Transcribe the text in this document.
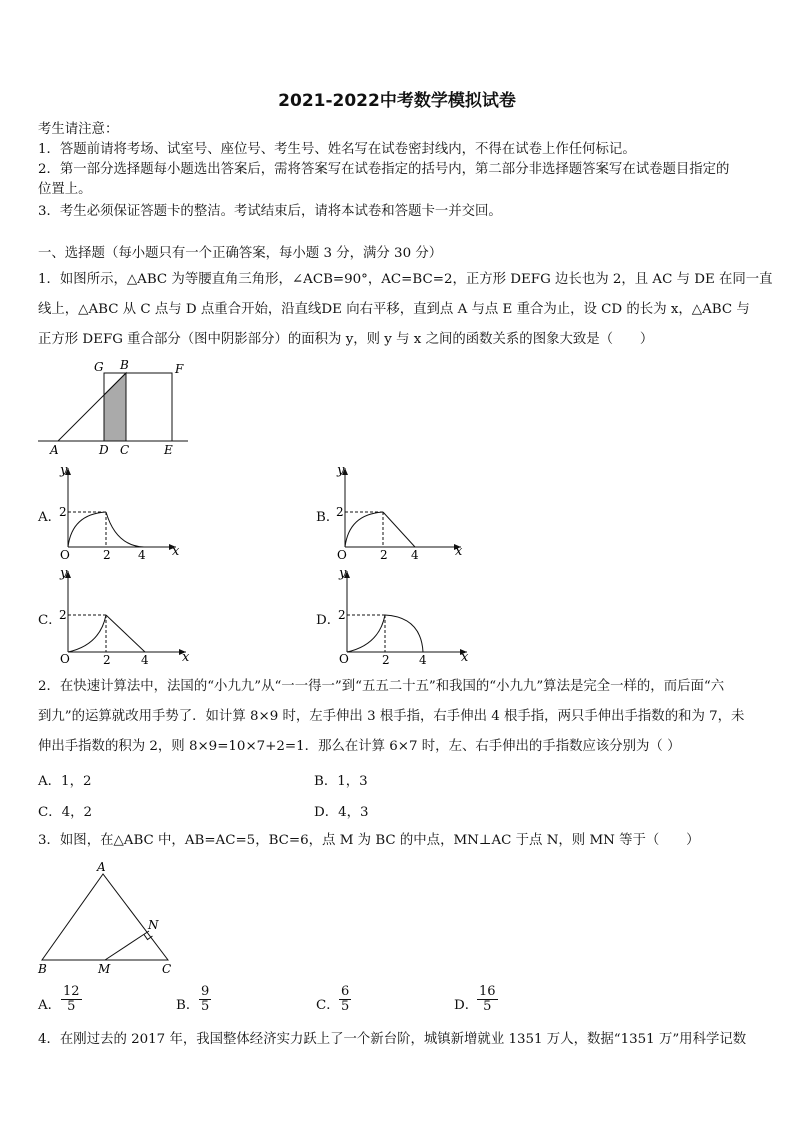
2021-2022中考数学模拟试卷
考生请注意：
1．答题前请将考场、试室号、座位号、考生号、姓名写在试卷密封线内，不得在试卷上作任何标记。
2．第一部分选择题每小题选出答案后，需将答案写在试卷指定的括号内，第二部分非选择题答案写在试卷题目指定的
位置上。
3．考生必须保证答题卡的整洁。考试结束后，请将本试卷和答题卡一并交回。
一、选择题（每小题只有一个正确答案，每小题 3 分，满分 30 分）
1．如图所示，△ABC 为等腰直角三角形，∠ACB=90°，AC=BC=2，正方形 DEFG 边长也为 2，且 AC 与 DE 在同一直
线上，△ABC 从 C 点与 D 点重合开始，沿直线DE 向右平移，直到点 A 与点 E 重合为止，设 CD 的长为 x，△ABC 与
正方形 DEFG 重合部分（图中阴影部分）的面积为 y，则 y 与 x 之间的函数关系的图象大致是（　　）
G B	F
A	D C	E
A．	B．
C．	D．
y
x
O
2
2 4
y
x
O
2
2 4
y
x
O
2
2	4
y
x
O
2
2 4
2．在快速计算法中，法国的“小九九”从“一一得一”到“五五二十五”和我国的“小九九”算法是完全一样的，而后面“六
到九”的运算就改用手势了．如计算 8×9 时，左手伸出 3 根手指，右手伸出 4 根手指，两只手伸出手指数的和为 7，未
伸出手指数的积为 2，则 8×9=10×7+2=1．那么在计算 6×7 时，左、右手伸出的手指数应该分别为（ ）
A．1，2	B．1，3
C．4，2	D．4，3
3．如图，在△ABC 中，AB=AC=5，BC=6，点 M 为 BC 的中点，MN⊥AC 于点 N，则 MN 等于（　　）
A
B	M	C
N
A． $\frac{12}{5}$	B． $\frac{9}{5}$	C． $\frac{6}{5}$	D．
$\frac{16}{5}$
4．在刚过去的 2017 年，我国整体经济实力跃上了一个新台阶，城镇新增就业 1351 万人，数据“1351 万”用科学记数
